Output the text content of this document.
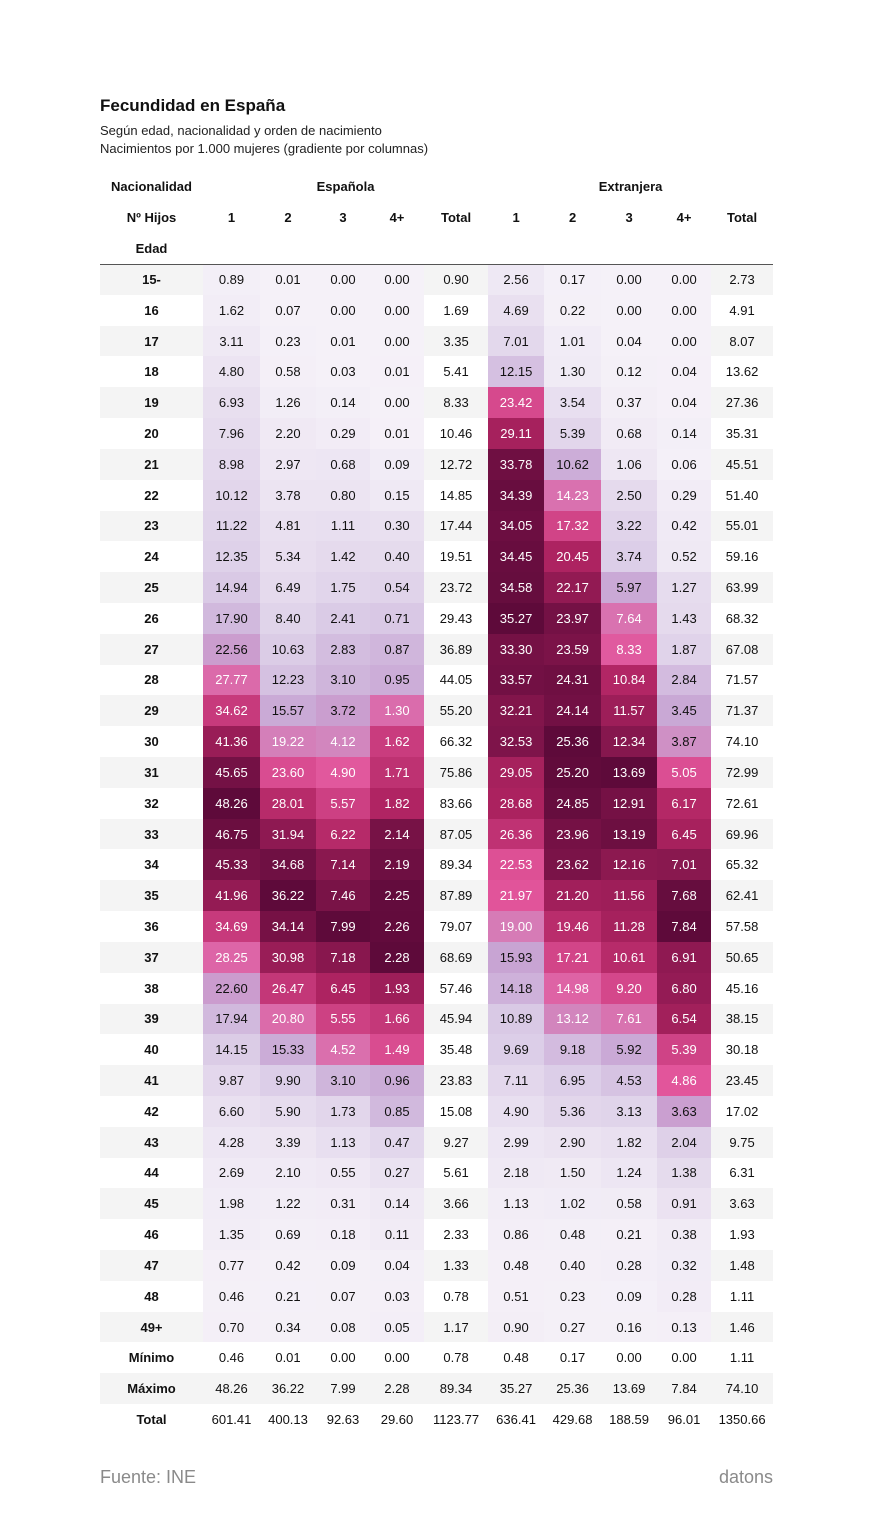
Fecundidad en España

Según edad, nacionalidad y orden de nacimiento

Nacimientos por 1.000 mujeres (gradiente por columnas)

Nacionalidad	Española					Extranjera				
Nº Hijos	1	2	3	4+	Total	1	2	3	4+	Total
Edad										
15-	0.89	0.01	0.00	0.00	0.90	2.56	0.17	0.00	0.00	2.73
16	1.62	0.07	0.00	0.00	1.69	4.69	0.22	0.00	0.00	4.91
17	3.11	0.23	0.01	0.00	3.35	7.01	1.01	0.04	0.00	8.07
18	4.80	0.58	0.03	0.01	5.41	12.15	1.30	0.12	0.04	13.62
19	6.93	1.26	0.14	0.00	8.33	23.42	3.54	0.37	0.04	27.36
20	7.96	2.20	0.29	0.01	10.46	29.11	5.39	0.68	0.14	35.31
21	8.98	2.97	0.68	0.09	12.72	33.78	10.62	1.06	0.06	45.51
22	10.12	3.78	0.80	0.15	14.85	34.39	14.23	2.50	0.29	51.40
23	11.22	4.81	1.11	0.30	17.44	34.05	17.32	3.22	0.42	55.01
24	12.35	5.34	1.42	0.40	19.51	34.45	20.45	3.74	0.52	59.16
25	14.94	6.49	1.75	0.54	23.72	34.58	22.17	5.97	1.27	63.99
26	17.90	8.40	2.41	0.71	29.43	35.27	23.97	7.64	1.43	68.32
27	22.56	10.63	2.83	0.87	36.89	33.30	23.59	8.33	1.87	67.08
28	27.77	12.23	3.10	0.95	44.05	33.57	24.31	10.84	2.84	71.57
29	34.62	15.57	3.72	1.30	55.20	32.21	24.14	11.57	3.45	71.37
30	41.36	19.22	4.12	1.62	66.32	32.53	25.36	12.34	3.87	74.10
31	45.65	23.60	4.90	1.71	75.86	29.05	25.20	13.69	5.05	72.99
32	48.26	28.01	5.57	1.82	83.66	28.68	24.85	12.91	6.17	72.61
33	46.75	31.94	6.22	2.14	87.05	26.36	23.96	13.19	6.45	69.96
34	45.33	34.68	7.14	2.19	89.34	22.53	23.62	12.16	7.01	65.32
35	41.96	36.22	7.46	2.25	87.89	21.97	21.20	11.56	7.68	62.41
36	34.69	34.14	7.99	2.26	79.07	19.00	19.46	11.28	7.84	57.58
37	28.25	30.98	7.18	2.28	68.69	15.93	17.21	10.61	6.91	50.65
38	22.60	26.47	6.45	1.93	57.46	14.18	14.98	9.20	6.80	45.16
39	17.94	20.80	5.55	1.66	45.94	10.89	13.12	7.61	6.54	38.15
40	14.15	15.33	4.52	1.49	35.48	9.69	9.18	5.92	5.39	30.18
41	9.87	9.90	3.10	0.96	23.83	7.11	6.95	4.53	4.86	23.45
42	6.60	5.90	1.73	0.85	15.08	4.90	5.36	3.13	3.63	17.02
43	4.28	3.39	1.13	0.47	9.27	2.99	2.90	1.82	2.04	9.75
44	2.69	2.10	0.55	0.27	5.61	2.18	1.50	1.24	1.38	6.31
45	1.98	1.22	0.31	0.14	3.66	1.13	1.02	0.58	0.91	3.63
46	1.35	0.69	0.18	0.11	2.33	0.86	0.48	0.21	0.38	1.93
47	0.77	0.42	0.09	0.04	1.33	0.48	0.40	0.28	0.32	1.48
48	0.46	0.21	0.07	0.03	0.78	0.51	0.23	0.09	0.28	1.11
49+	0.70	0.34	0.08	0.05	1.17	0.90	0.27	0.16	0.13	1.46
Mínimo	0.46	0.01	0.00	0.00	0.78	0.48	0.17	0.00	0.00	1.11
Máximo	48.26	36.22	7.99	2.28	89.34	35.27	25.36	13.69	7.84	74.10
Total	601.41	400.13	92.63	29.60	1123.77	636.41	429.68	188.59	96.01	1350.66

Fuente: INE	datons
